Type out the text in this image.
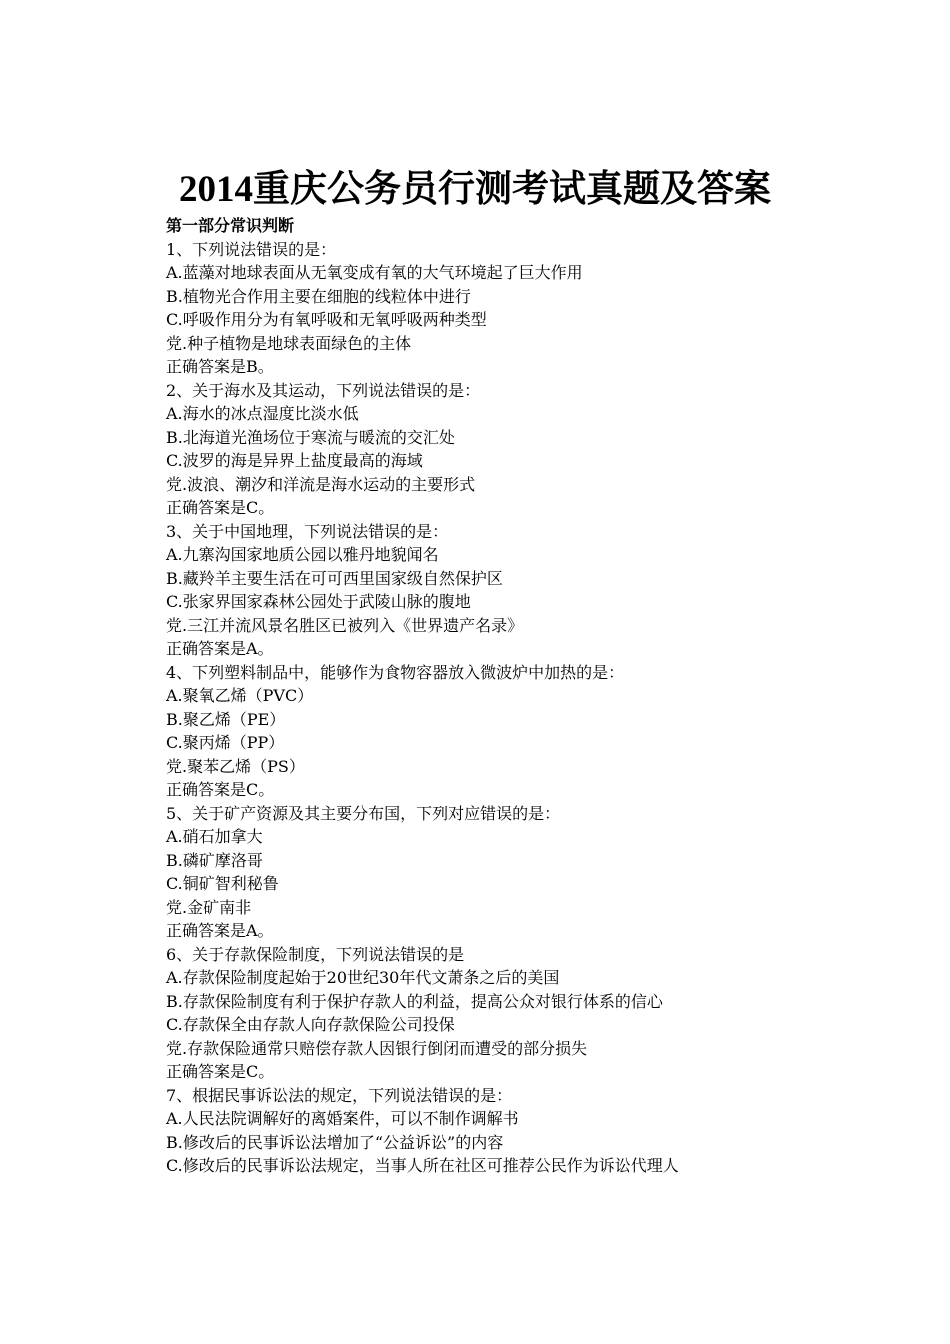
2014重庆公务员行测考试真题及答案
第一部分常识判断
1、下列说法错误的是：
A.蓝藻对地球表面从无氧变成有氧的大气环境起了巨大作用
B.植物光合作用主要在细胞的线粒体中进行
C.呼吸作用分为有氧呼吸和无氧呼吸两种类型
党.种子植物是地球表面绿色的主体
正确答案是B。
2、关于海水及其运动，下列说法错误的是：
A.海水的冰点湿度比淡水低
B.北海道光渔场位于寒流与暖流的交汇处
C.波罗的海是异界上盐度最高的海域
党.波浪、潮汐和洋流是海水运动的主要形式
正确答案是C。
3、关于中国地理，下列说法错误的是：
A.九寨沟国家地质公园以雅丹地貌闻名
B.藏羚羊主要生活在可可西里国家级自然保护区
C.张家界国家森林公园处于武陵山脉的腹地
党.三江并流风景名胜区已被列入《世界遗产名录》
正确答案是A。
4、下列塑料制品中，能够作为食物容器放入微波炉中加热的是：
A.聚氧乙烯（PVC）
B.聚乙烯（PE）
C.聚丙烯（PP）
党.聚苯乙烯（PS）
正确答案是C。
5、关于矿产资源及其主要分布国，下列对应错误的是：
A.硝石加拿大
B.磷矿摩洛哥
C.铜矿智利秘鲁
党.金矿南非
正确答案是A。
6、关于存款保险制度，下列说法错误的是
A.存款保险制度起始于20世纪30年代文萧条之后的美国
B.存款保险制度有利于保护存款人的利益，提高公众对银行体系的信心
C.存款保全由存款人向存款保险公司投保
党.存款保险通常只赔偿存款人因银行倒闭而遭受的部分损失
正确答案是C。
7、根据民事诉讼法的规定，下列说法错误的是：
A.人民法院调解好的离婚案件，可以不制作调解书
B.修改后的民事诉讼法增加了“公益诉讼”的内容
C.修改后的民事诉讼法规定，当事人所在社区可推荐公民作为诉讼代理人
